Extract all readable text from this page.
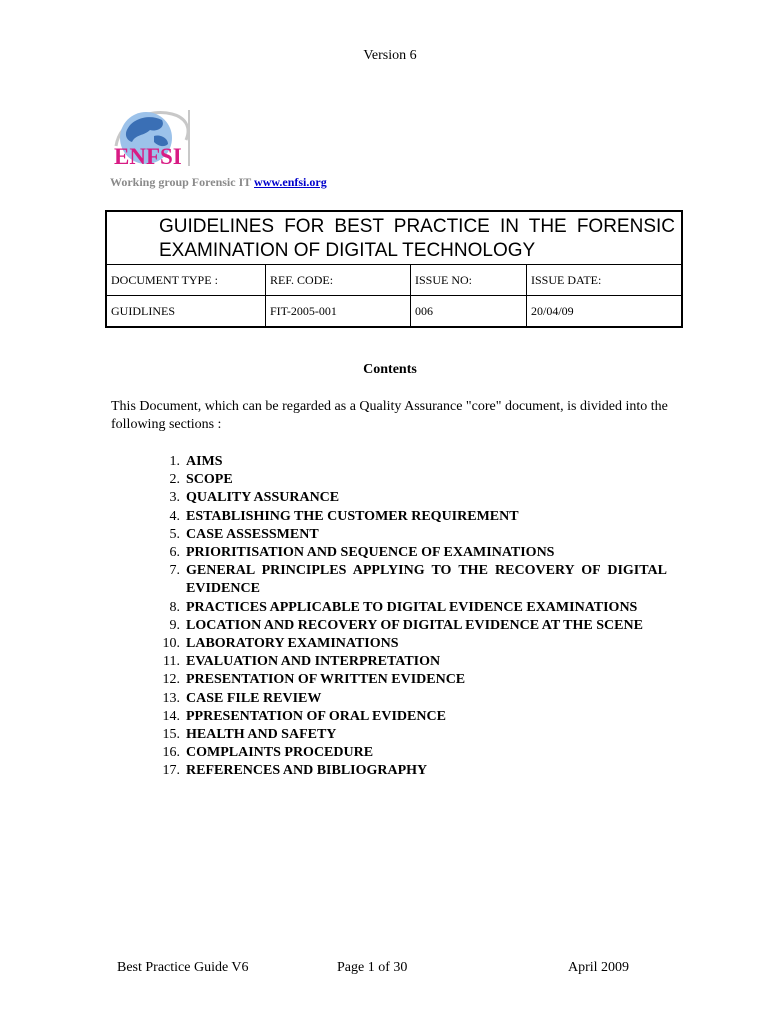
Version 6
ENFSI
Working group Forensic IT www.enfsi.org
GUIDELINES FOR BEST PRACTICE IN THE FORENSIC EXAMINATION OF DIGITAL TECHNOLOGY			

DOCUMENT TYPE :	REF. CODE:	ISSUE NO:	ISSUE DATE:
GUIDLINES	FIT-2005-001	006	20/04/09
Contents
This Document, which can be regarded as a Quality Assurance "core" document, is divided into the following sections :
1. AIMS
2. SCOPE
3. QUALITY ASSURANCE
4. ESTABLISHING THE CUSTOMER REQUIREMENT
5. CASE ASSESSMENT
6. PRIORITISATION AND SEQUENCE OF EXAMINATIONS
7. GENERAL PRINCIPLES APPLYING TO THE RECOVERY OF DIGITAL EVIDENCE
8. PRACTICES APPLICABLE TO DIGITAL EVIDENCE EXAMINATIONS
9. LOCATION AND RECOVERY OF DIGITAL EVIDENCE AT THE SCENE
10. LABORATORY EXAMINATIONS
11. EVALUATION AND INTERPRETATION
12. PRESENTATION OF WRITTEN EVIDENCE
13. CASE FILE REVIEW
14. PPRESENTATION OF ORAL EVIDENCE
15. HEALTH AND SAFETY
16. COMPLAINTS PROCEDURE
17. REFERENCES AND BIBLIOGRAPHY
Best Practice Guide V6	Page 1 of 30	April 2009
